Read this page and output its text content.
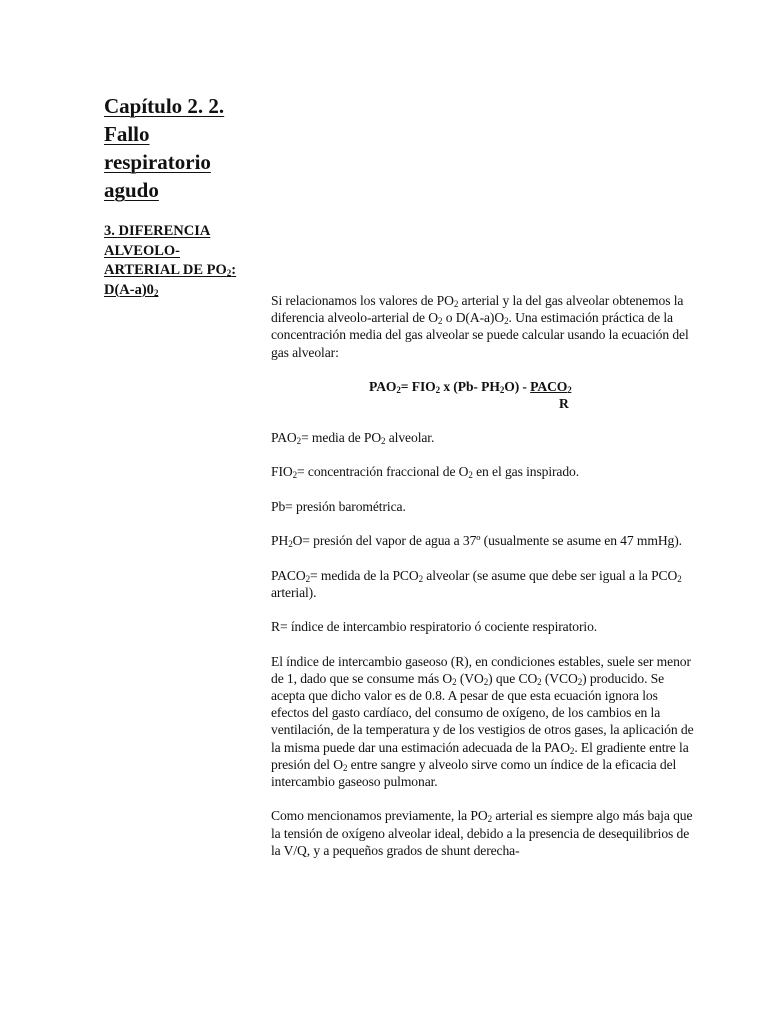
Capítulo 2. 2.
Fallo
respiratorio
agudo
3. DIFERENCIA
ALVEOLO-
ARTERIAL DE $PO_2$:
$D(A-a)0_2$

Si relacionamos los valores de $PO_2$ arterial y la del gas alveolar obtenemos la diferencia alveolo-arterial de $O_2$ o $D(A-a)O_2$. Una estimación práctica de la concentración media del gas alveolar se puede calcular usando la ecuación del gas alveolar:

$PAO_2= FIO_2$ x (Pb- $PH_2O$) - $PACO_2$
R

$PAO_2=$ media de $PO_2$ alveolar.

$FIO_2=$ concentración fraccional de $O_2$ en el gas inspirado.

Pb= presión barométrica.

$PH_2O=$ presión del vapor de agua a 37º (usualmente se asume en 47 mmHg).

$PACO_2=$ medida de la $PCO_2$ alveolar (se asume que debe ser igual a la $PCO_2$ arterial).

R= índice de intercambio respiratorio ó cociente respiratorio.

El índice de intercambio gaseoso (R), en condiciones estables, suele ser menor de 1, dado que se consume más $O_2$ $(VO_2)$ que $CO_2$ $(VCO_2)$ producido. Se acepta que dicho valor es de 0.8. A pesar de que esta ecuación ignora los efectos del gasto cardíaco, del consumo de oxígeno, de los cambios en la ventilación, de la temperatura y de los vestigios de otros gases, la aplicación de la misma puede dar una estimación adecuada de la $PAO_2$. El gradiente entre la presión del $O_2$ entre sangre y alveolo sirve como un índice de la eficacia del intercambio gaseoso pulmonar.

Como mencionamos previamente, la $PO_2$ arterial es siempre algo más baja que la tensión de oxígeno alveolar ideal, debido a la presencia de desequilibrios de la V/Q, y a pequeños grados de shunt derecha-
